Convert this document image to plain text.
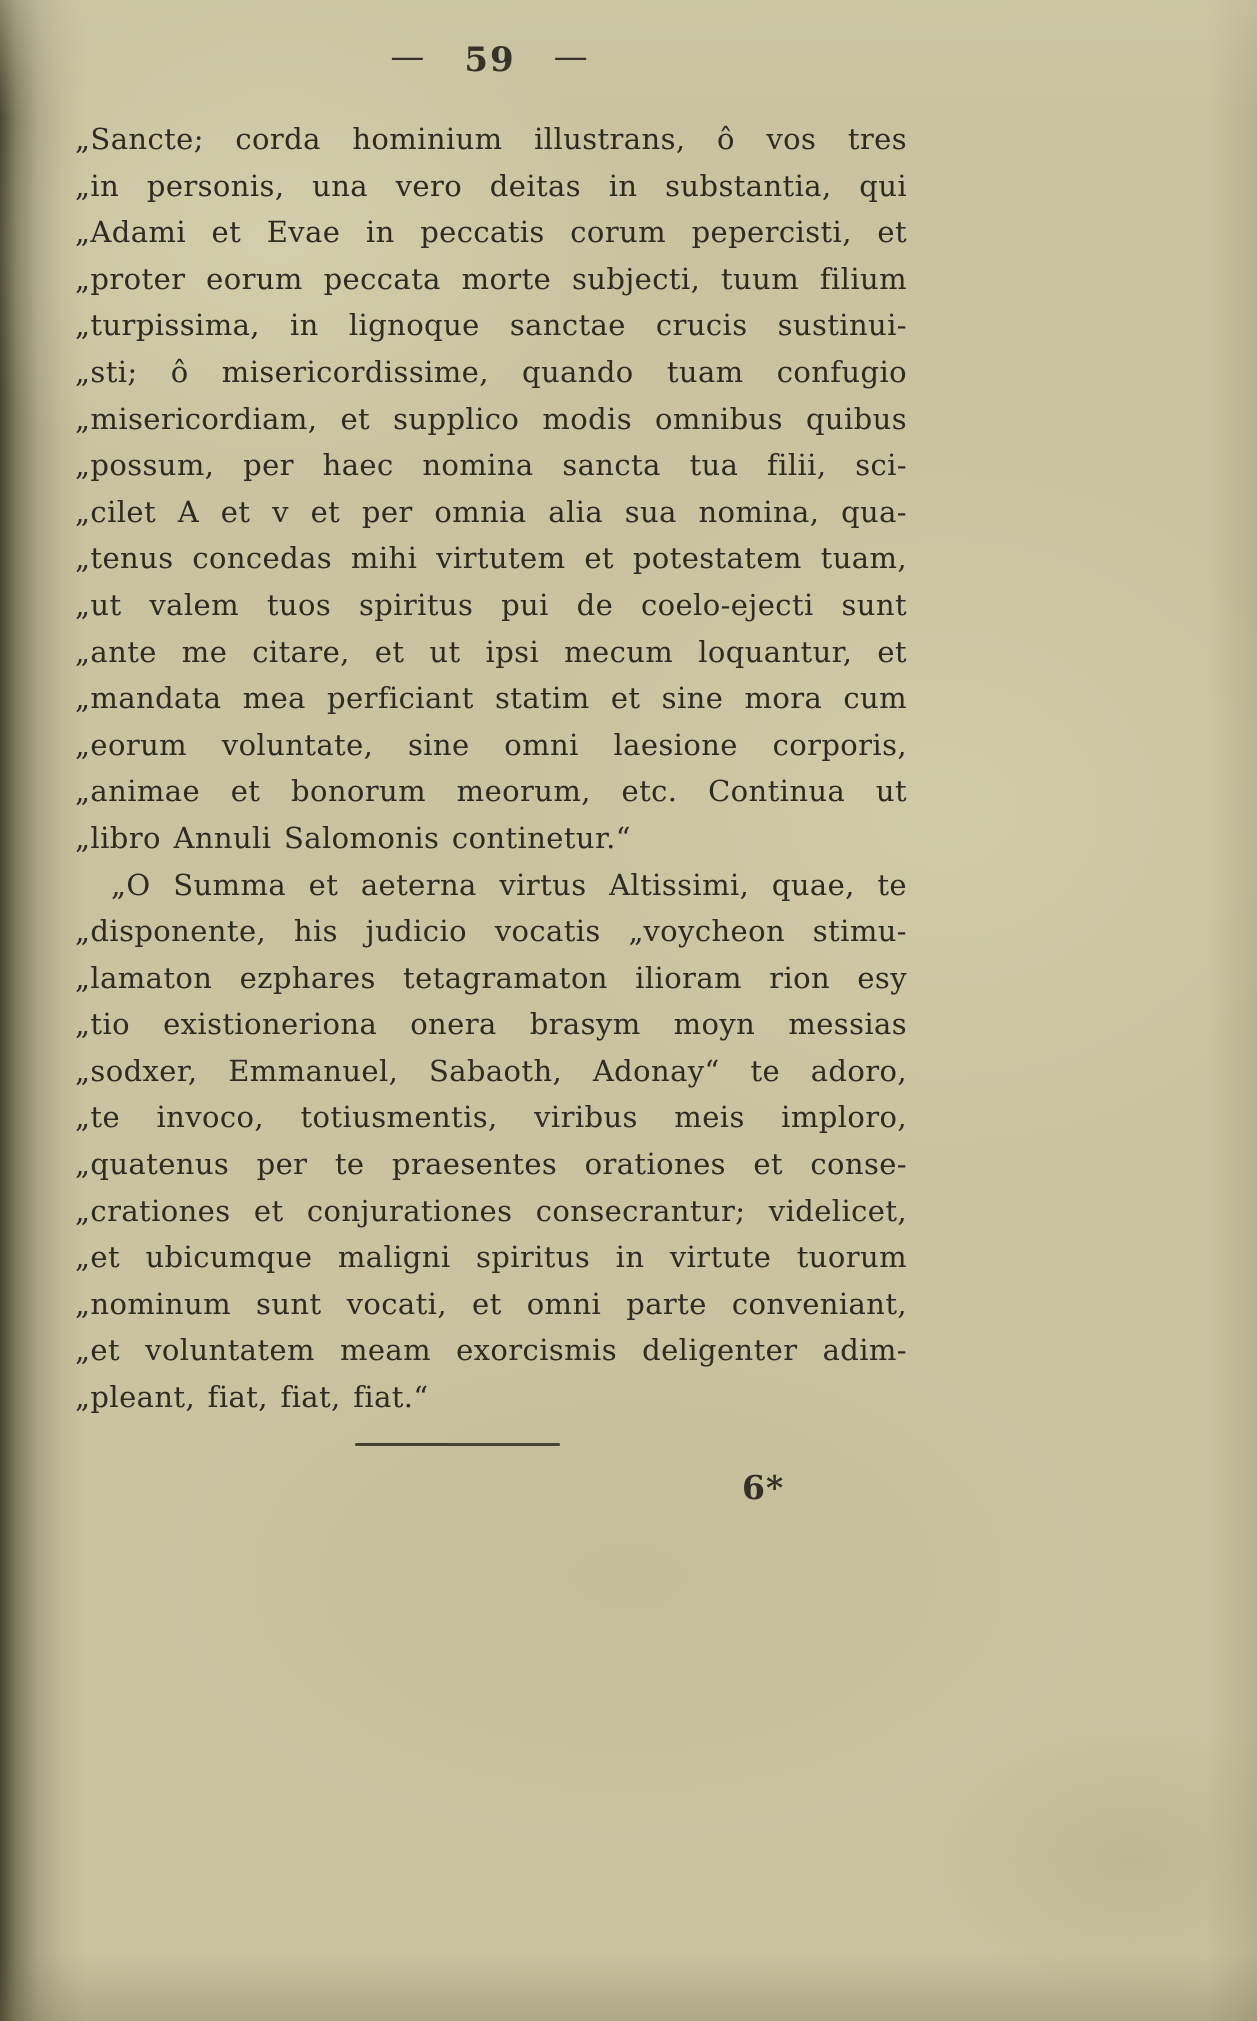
— 59 —
„Sancte; corda hominium illustrans, ô vos tres
„in personis, una vero deitas in substantia, qui
„Adami et Evae in peccatis corum pepercisti, et
„proter eorum peccata morte subjecti, tuum filium
„turpissima, in lignoque sanctae crucis sustinui-
„sti; ô misericordissime, quando tuam confugio
„misericordiam, et supplico modis omnibus quibus
„possum, per haec nomina sancta tua filii, sci-
„cilet A et v et per omnia alia sua nomina, qua-
„tenus concedas mihi virtutem et potestatem tuam,
„ut valem tuos spiritus pui de coelo-ejecti sunt
„ante me citare, et ut ipsi mecum loquantur, et
„mandata mea perficiant statim et sine mora cum
„eorum voluntate, sine omni laesione corporis,
„animae et bonorum meorum, etc. Continua ut
„libro Annuli Salomonis continetur.“
„O Summa et aeterna virtus Altissimi, quae, te
„disponente, his judicio vocatis „voycheon stimu-
„lamaton ezphares tetagramaton ilioram rion esy
„tio existioneriona onera brasym moyn messias
„sodxer, Emmanuel, Sabaoth, Adonay“ te adoro,
„te invoco, totiusmentis, viribus meis imploro,
„quatenus per te praesentes orationes et conse-
„crationes et conjurationes consecrantur; videlicet,
„et ubicumque maligni spiritus in virtute tuorum
„nominum sunt vocati, et omni parte conveniant,
„et voluntatem meam exorcismis deligenter adim-
„pleant, fiat, fiat, fiat.“
6*
